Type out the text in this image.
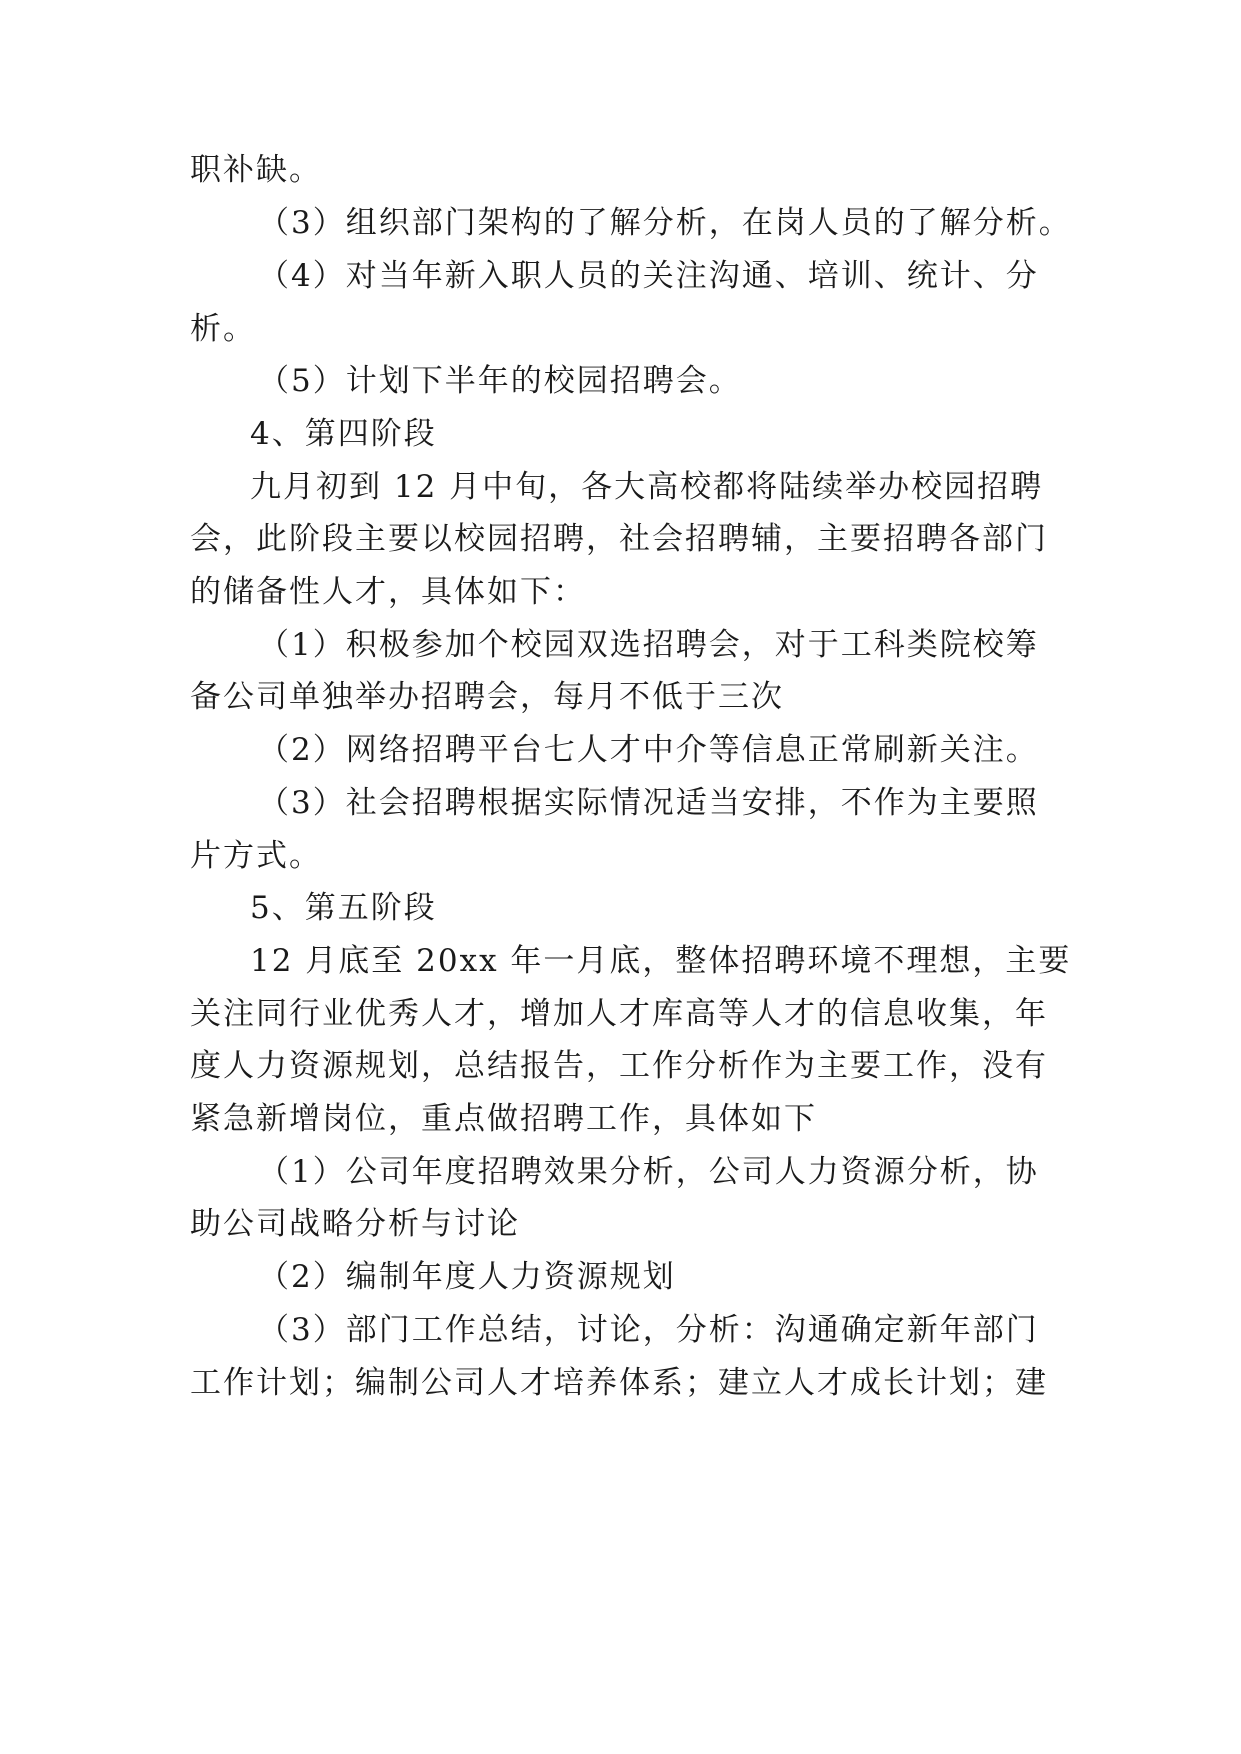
职补缺。
（3）组织部门架构的了解分析，在岗人员的了解分析。
（4）对当年新入职人员的关注沟通、培训、统计、分
析。
（5）计划下半年的校园招聘会。
4、第四阶段
九月初到 12 月中旬，各大高校都将陆续举办校园招聘
会，此阶段主要以校园招聘，社会招聘辅，主要招聘各部门
的储备性人才，具体如下：
（1）积极参加个校园双选招聘会，对于工科类院校筹
备公司单独举办招聘会，每月不低于三次
（2）网络招聘平台七人才中介等信息正常刷新关注。
（3）社会招聘根据实际情况适当安排，不作为主要照
片方式。
5、第五阶段
12 月底至 20xx 年一月底，整体招聘环境不理想，主要
关注同行业优秀人才，增加人才库高等人才的信息收集，年
度人力资源规划，总结报告，工作分析作为主要工作，没有
紧急新增岗位，重点做招聘工作，具体如下
（1）公司年度招聘效果分析，公司人力资源分析，协
助公司战略分析与讨论
（2）编制年度人力资源规划
（3）部门工作总结，讨论，分析：沟通确定新年部门
工作计划；编制公司人才培养体系；建立人才成长计划；建
